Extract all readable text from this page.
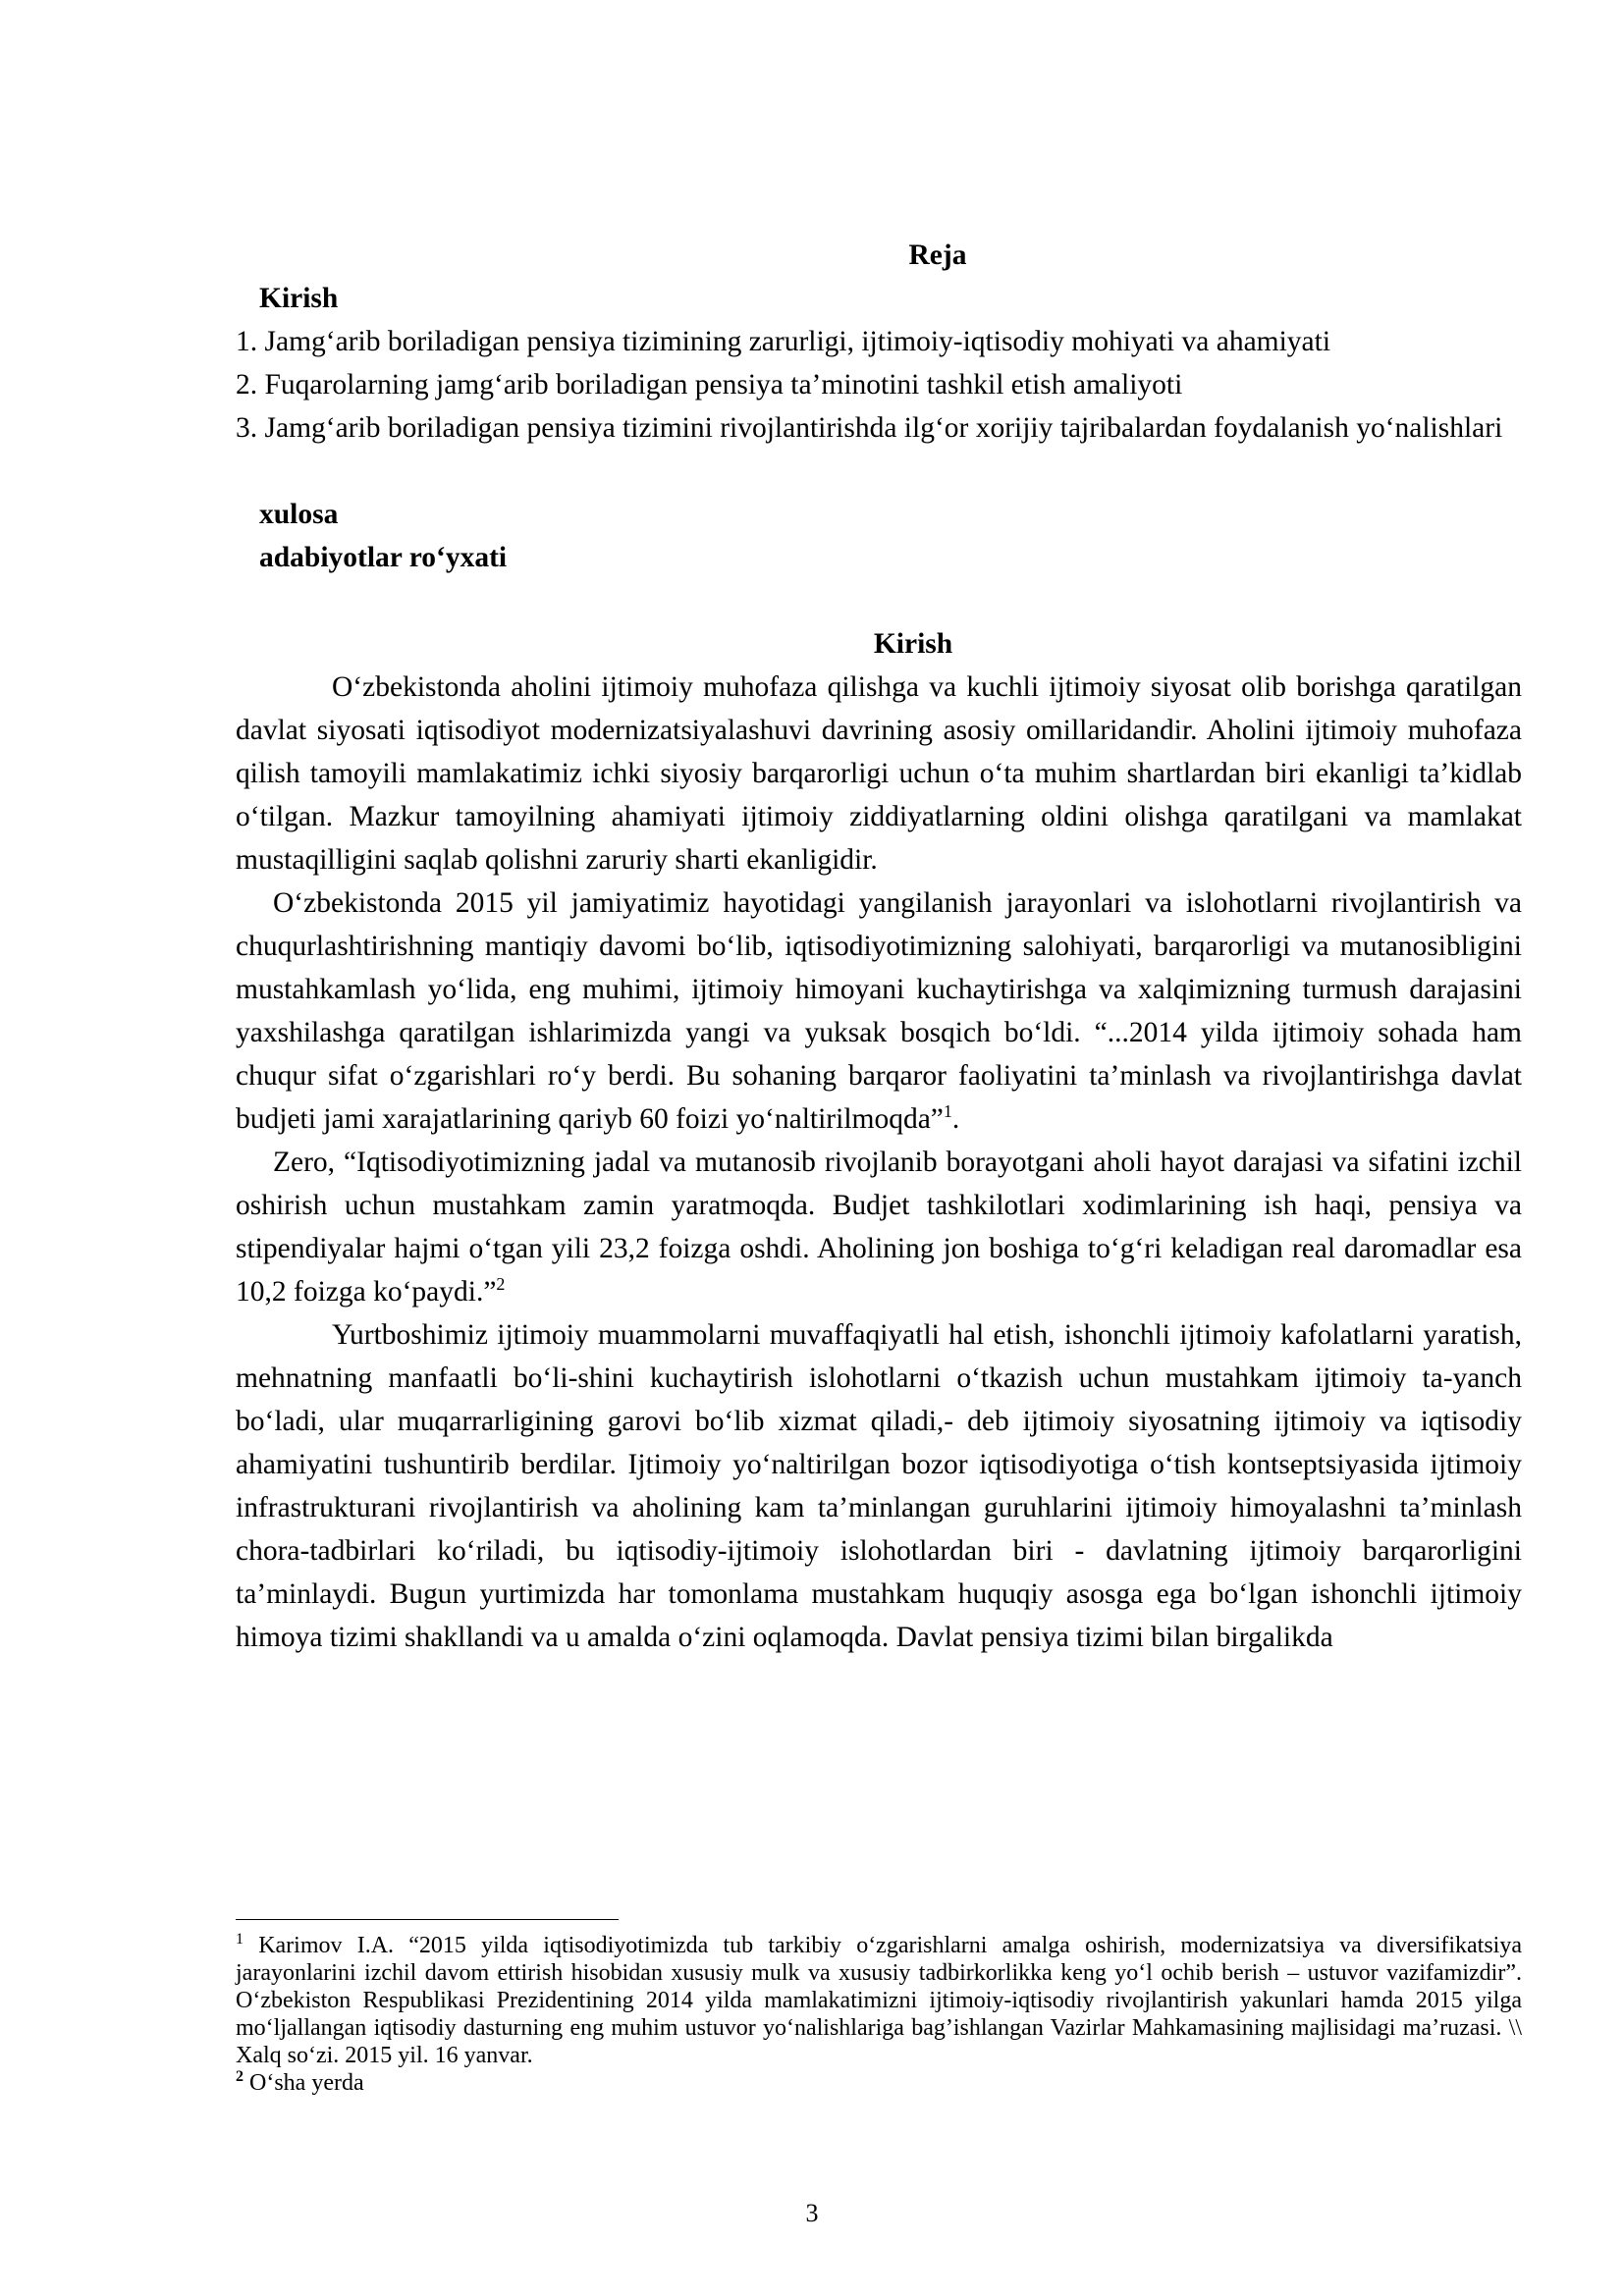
Reja

Kirish

1. Jamg‘arib boriladigan pensiya tizimining zarurligi, ijtimoiy-iqtisodiy mohiyati va ahamiyati

2. Fuqarolarning jamg‘arib boriladigan pensiya ta’minotini tashkil etish amaliyoti

3. Jamg‘arib boriladigan pensiya tizimini rivojlantirishda ilg‘or xorijiy tajribalardan foydalanish yo‘nalishlari

xulosa

adabiyotlar ro‘yxati

Kirish

O‘zbekistonda aholini ijtimoiy muhofaza qilishga va kuchli ijtimoiy siyosat olib borishga qaratilgan davlat siyosati iqtisodiyot modernizatsiyalashuvi davrining asosiy omillaridandir. Aholini ijtimoiy muhofaza qilish tamoyili mamlakatimiz ichki siyosiy barqarorligi uchun o‘ta muhim shartlardan biri ekanligi ta’kidlab o‘tilgan. Mazkur tamoyilning ahamiyati ijtimoiy ziddiyatlarning oldini olishga qaratilgani va mamlakat mustaqilligini saqlab qolishni zaruriy sharti ekanligidir.

O‘zbekistonda 2015 yil jamiyatimiz hayotidagi yangilanish jarayonlari va islohotlarni rivojlantirish va chuqurlashtirishning mantiqiy davomi bo‘lib, iqtisodiyotimizning salohiyati, barqarorligi va mutanosibligini mustahkamlash yo‘lida, eng muhimi, ijtimoiy himoyani kuchaytirishga va xalqimizning turmush darajasini yaxshilashga qaratilgan ishlarimizda yangi va yuksak bosqich bo‘ldi. “...2014 yilda ijtimoiy sohada ham chuqur sifat o‘zgarishlari ro‘y berdi. Bu sohaning barqaror faoliyatini ta’minlash va rivojlantirishga davlat budjeti jami xarajatlarining qariyb 60 foizi yo‘naltirilmoqda”$^1$.

Zero, “Iqtisodiyotimizning jadal va mutanosib rivojlanib borayotgani aholi hayot darajasi va sifatini izchil oshirish uchun mustahkam zamin yaratmoqda. Budjet tashkilotlari xodimlarining ish haqi, pensiya va stipendiyalar hajmi o‘tgan yili 23,2 foizga oshdi. Aholining jon boshiga to‘g‘ri keladigan real daromadlar esa 10,2 foizga ko‘paydi.”$^2$

Yurtboshimiz ijtimoiy muammolarni muvaffaqiyatli hal etish, ishonchli ijtimoiy kafolatlarni yaratish, mehnatning manfaatli bo‘li-shini kuchaytirish islohotlarni o‘tkazish uchun mustahkam ijtimoiy ta-yanch bo‘ladi, ular muqarrarligining garovi bo‘lib xizmat qiladi,- deb ijtimoiy siyosatning ijtimoiy va iqtisodiy ahamiyatini tushuntirib berdilar. Ijtimoiy yo‘naltirilgan bozor iqtisodiyotiga o‘tish kontseptsiyasida ijtimoiy infrastrukturani rivojlantirish va aholining kam ta’minlangan guruhlarini ijtimoiy himoyalashni ta’minlash chora-tadbirlari ko‘riladi, bu iqtisodiy-ijtimoiy islohotlardan biri - davlatning ijtimoiy barqarorligini ta’minlaydi. Bugun yurtimizda har tomonlama mustahkam huquqiy asosga ega bo‘lgan ishonchli ijtimoiy himoya tizimi shakllandi va u amalda o‘zini oqlamoqda. Davlat pensiya tizimi bilan birgalikda

$^1$ Karimov I.A. “2015 yilda iqtisodiyotimizda tub tarkibiy o‘zgarishlarni amalga oshirish, modernizatsiya va diversifikatsiya jarayonlarini izchil davom ettirish hisobidan xususiy mulk va xususiy tadbirkorlikka keng yo‘l ochib berish – ustuvor vazifamizdir”. O‘zbekiston Respublikasi Prezidentining 2014 yilda mamlakatimizni ijtimoiy-iqtisodiy rivojlantirish yakunlari hamda 2015 yilga mo‘ljallangan iqtisodiy dasturning eng muhim ustuvor yo‘nalishlariga bag’ishlangan Vazirlar Mahkamasining majlisidagi ma’ruzasi. \\ Xalq so‘zi. 2015 yil. 16 yanvar.

$^2$ O‘sha yerda

3
